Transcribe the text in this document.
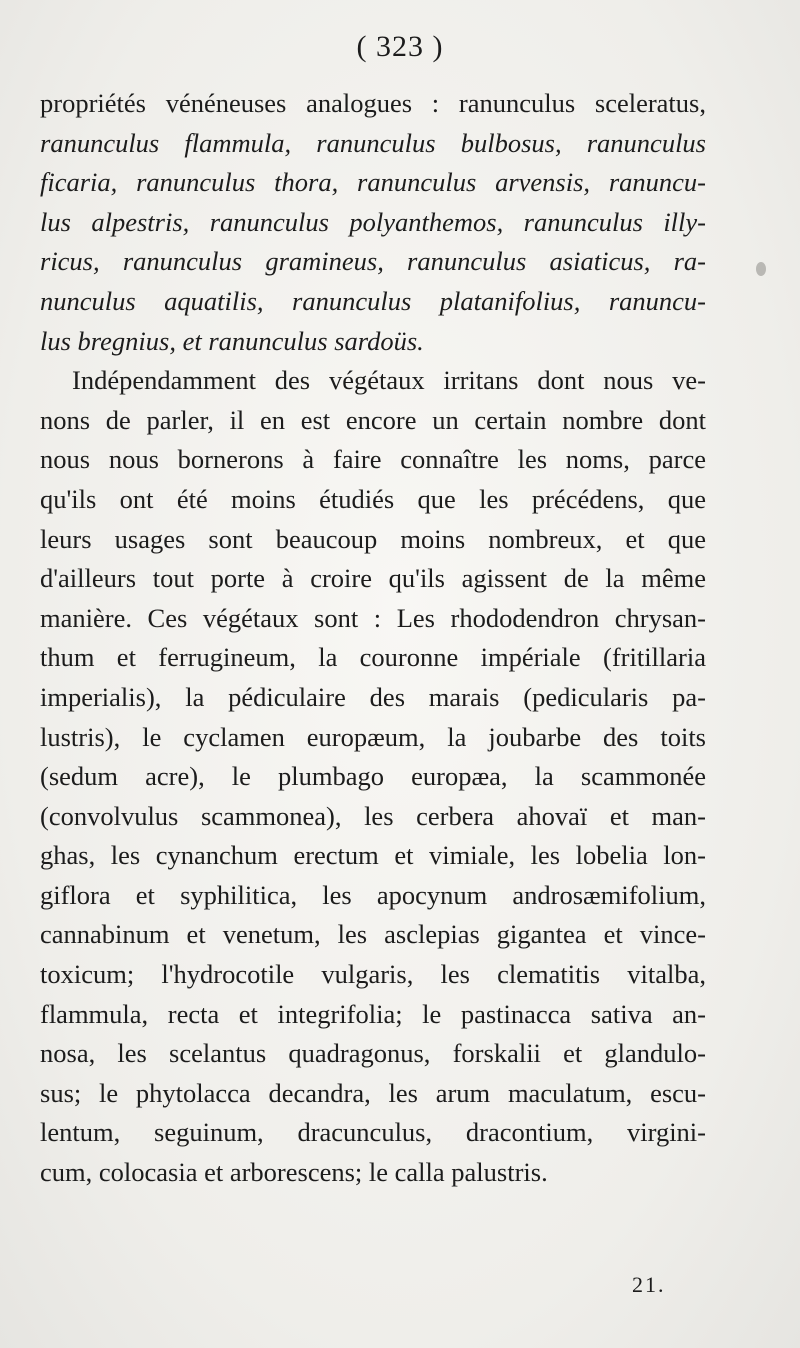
( 323 )
propriétés vénéneuses analogues : ranunculus sceleratus,
ranunculus flammula, ranunculus bulbosus, ranunculus
ficaria, ranunculus thora, ranunculus arvensis, ranuncu-
lus alpestris, ranunculus polyanthemos, ranunculus illy-
ricus, ranunculus gramineus, ranunculus asiaticus, ra-
nunculus aquatilis, ranunculus platanifolius, ranuncu-
lus bregnius, et ranunculus sardoüs.
Indépendamment des végétaux irritans dont nous ve-
nons de parler, il en est encore un certain nombre dont
nous nous bornerons à faire connaître les noms, parce
qu'ils ont été moins étudiés que les précédens, que
leurs usages sont beaucoup moins nombreux, et que
d'ailleurs tout porte à croire qu'ils agissent de la même
manière. Ces végétaux sont : Les rhododendron chrysan-
thum et ferrugineum, la couronne impériale (fritillaria
imperialis), la pédiculaire des marais (pedicularis pa-
lustris), le cyclamen europæum, la joubarbe des toits
(sedum acre), le plumbago europæa, la scammonée
(convolvulus scammonea), les cerbera ahovaï et man-
ghas, les cynanchum erectum et vimiale, les lobelia lon-
giflora et syphilitica, les apocynum androsæmifolium,
cannabinum et venetum, les asclepias gigantea et vince-
toxicum; l'hydrocotile vulgaris, les clematitis vitalba,
flammula, recta et integrifolia; le pastinacca sativa an-
nosa, les scelantus quadragonus, forskalii et glandulo-
sus; le phytolacca decandra, les arum maculatum, escu-
lentum, seguinum, dracunculus, dracontium, virgini-
cum, colocasia et arborescens; le calla palustris.
21.
